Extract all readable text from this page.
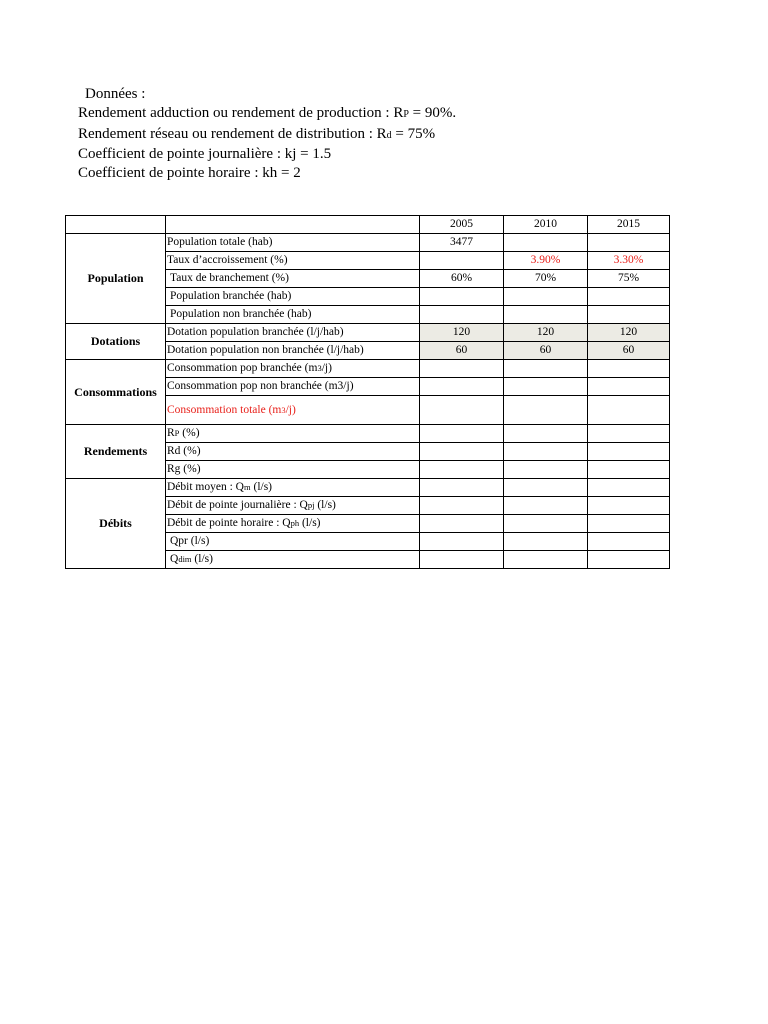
Données :
Rendement adduction ou rendement de production : RP = 90%.
Rendement réseau ou rendement de distribution : Rd = 75%
Coefficient de pointe journalière : kj = 1.5
Coefficient de pointe horaire : kh = 2
		2005	2010	2015
Population	Population totale (hab)	3477		
	Taux d’accroissement (%)		3.90%	3.30%
	Taux de branchement (%)	60%	70%	75%
	Population branchée (hab)			
	Population non branchée (hab)			
Dotations	Dotation population branchée (l/j/hab)	120	120	120
	Dotation population non branchée (l/j/hab)	60	60	60
Consommations	Consommation pop branchée (m3/j)			
	Consommation pop non branchée (m3/j)			
	Consommation totale (m3/j)			
Rendements	RP (%)			
	Rd (%)			
	Rg (%)			
Débits	Débit moyen : Qm (l/s)			
	Débit de pointe journalière : Qpj (l/s)			
	Débit de pointe horaire : Qph (l/s)			
	Qpr (l/s)			
	Qdim (l/s)			
